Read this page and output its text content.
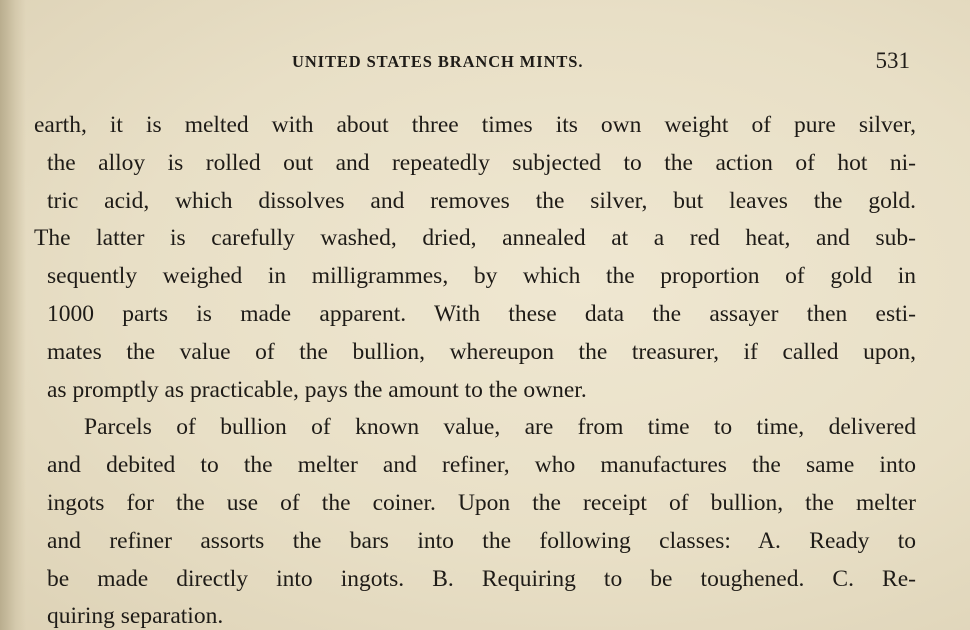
UNITED STATES BRANCH MINTS.	531
earth, it is melted with about three times its own weight of pure silver,
the alloy is rolled out and repeatedly subjected to the action of hot ni-
tric acid, which dissolves and removes the silver, but leaves the gold.
The latter is carefully washed, dried, annealed at a red heat, and sub-
sequently weighed in milligrammes, by which the proportion of gold in
1000 parts is made apparent. With these data the assayer then esti-
mates the value of the bullion, whereupon the treasurer, if called upon,
as promptly as practicable, pays the amount to the owner.
Parcels of bullion of known value, are from time to time, delivered
and debited to the melter and refiner, who manufactures the same into
ingots for the use of the coiner. Upon the receipt of bullion, the melter
and refiner assorts the bars into the following classes: A. Ready to
be made directly into ingots. B. Requiring to be toughened. C. Re-
quiring separation.
